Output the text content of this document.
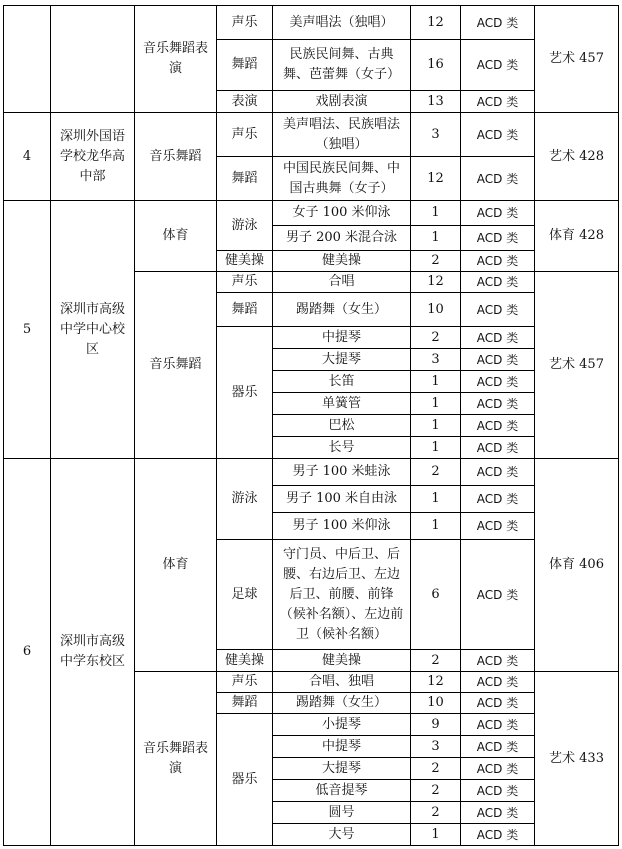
		音乐舞蹈表演	声乐	美声唱法（独唱）	12	ACD 类	艺术 457
			舞蹈	民族民间舞、古典舞、芭蕾舞（女子）	16	ACD 类	
			表演	戏剧表演	13	ACD 类	
4	深圳外国语学校龙华高中部	音乐舞蹈	声乐	美声唱法、民族唱法（独唱）	3	ACD 类	艺术 428
			舞蹈	中国民族民间舞、中国古典舞（女子）	12	ACD 类	
5	深圳市高级中学中心校区	体育	游泳	女子 100 米仰泳	1	ACD 类	体育 428
				男子 200 米混合泳	1	ACD 类	
			健美操	健美操	2	ACD 类	
		音乐舞蹈	声乐	合唱	12	ACD 类	艺术 457
			舞蹈	踢踏舞（女生）	10	ACD 类	
			器乐	中提琴	2	ACD 类	
				大提琴	3	ACD 类	
				长笛	1	ACD 类	
				单簧管	1	ACD 类	
				巴松	1	ACD 类	
				长号	1	ACD 类	
6	深圳市高级中学东校区	体育	游泳	男子 100 米蛙泳	2	ACD 类	体育 406
				男子 100 米自由泳	1	ACD 类	
				男子 100 米仰泳	1	ACD 类	
			足球	守门员、中后卫、后腰、右边后卫、左边后卫、前腰、前锋（候补名额）、左边前卫（候补名额）	6	ACD 类	
			健美操	健美操	2	ACD 类	
		音乐舞蹈表演	声乐	合唱、独唱	12	ACD 类	艺术 433
			舞蹈	踢踏舞（女生）	10	ACD 类	
			器乐	小提琴	9	ACD 类	
				中提琴	3	ACD 类	
				大提琴	2	ACD 类	
				低音提琴	2	ACD 类	
				圆号	2	ACD 类	
				大号	1	ACD 类	
